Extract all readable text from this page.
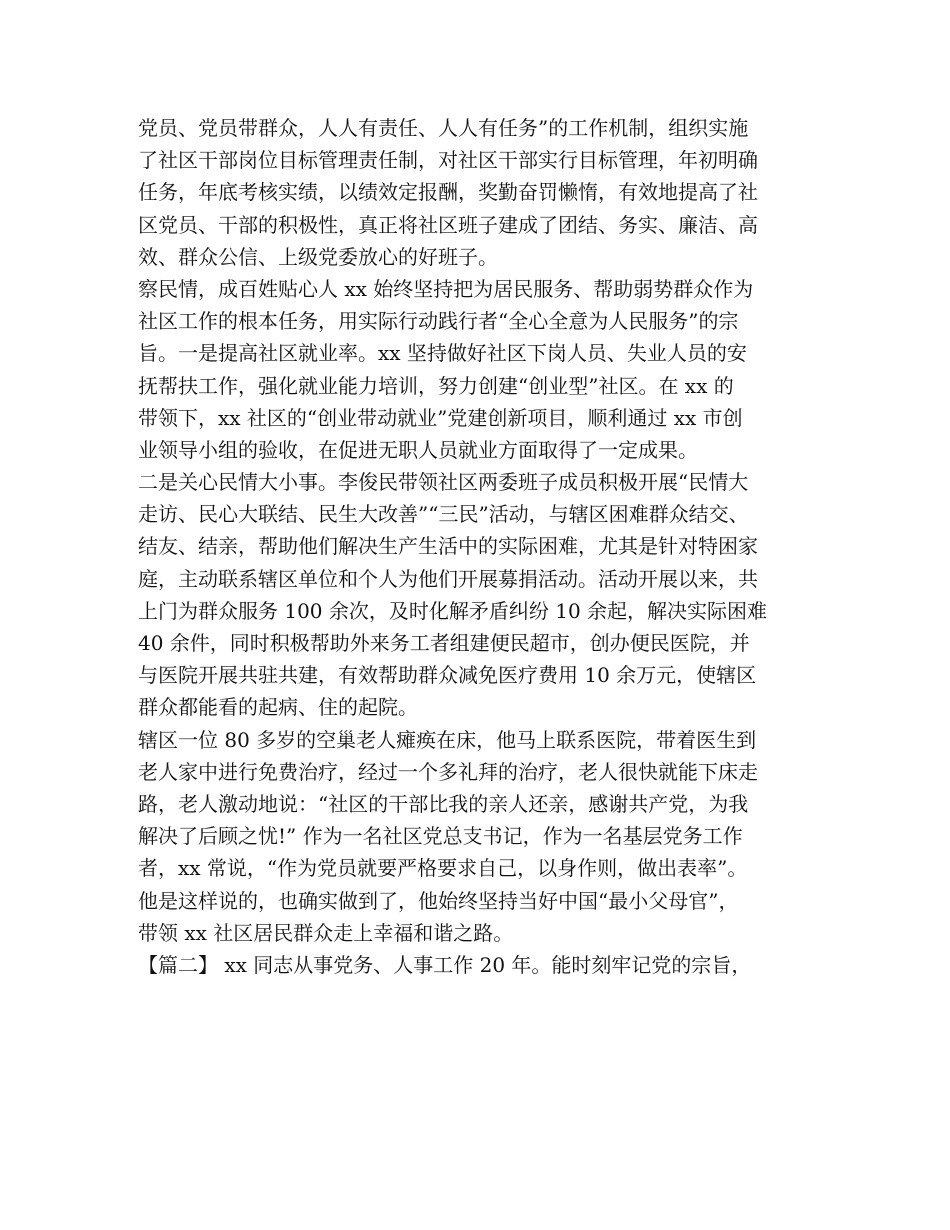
党员、党员带群众，人人有责任、人人有任务”的工作机制，组织实施
了社区干部岗位目标管理责任制，对社区干部实行目标管理，年初明确
任务，年底考核实绩，以绩效定报酬，奖勤奋罚懒惰，有效地提高了社
区党员、干部的积极性，真正将社区班子建成了团结、务实、廉洁、高
效、群众公信、上级党委放心的好班子。
察民情，成百姓贴心人 xx 始终坚持把为居民服务、帮助弱势群众作为
社区工作的根本任务，用实际行动践行者“全心全意为人民服务”的宗
旨。一是提高社区就业率。xx 坚持做好社区下岗人员、失业人员的安
抚帮扶工作，强化就业能力培训，努力创建“创业型”社区。在 xx 的
带领下，xx 社区的“创业带动就业”党建创新项目，顺利通过 xx 市创
业领导小组的验收，在促进无职人员就业方面取得了一定成果。
二是关心民情大小事。李俊民带领社区两委班子成员积极开展“民情大
走访、民心大联结、民生大改善”“三民”活动，与辖区困难群众结交、
结友、结亲，帮助他们解决生产生活中的实际困难，尤其是针对特困家
庭，主动联系辖区单位和个人为他们开展募捐活动。活动开展以来，共
上门为群众服务 100 余次，及时化解矛盾纠纷 10 余起，解决实际困难
40 余件，同时积极帮助外来务工者组建便民超市，创办便民医院，并
与医院开展共驻共建，有效帮助群众减免医疗费用 10 余万元，使辖区
群众都能看的起病、住的起院。
辖区一位 80 多岁的空巢老人瘫痪在床，他马上联系医院，带着医生到
老人家中进行免费治疗，经过一个多礼拜的治疗，老人很快就能下床走
路，老人激动地说：“社区的干部比我的亲人还亲，感谢共产党，为我
解决了后顾之忧!” 作为一名社区党总支书记，作为一名基层党务工作
者，xx 常说，“作为党员就要严格要求自己，以身作则，做出表率”。
他是这样说的，也确实做到了，他始终坚持当好中国“最小父母官”，
带领 xx 社区居民群众走上幸福和谐之路。
【篇二】 xx 同志从事党务、人事工作 20 年。能时刻牢记党的宗旨，
